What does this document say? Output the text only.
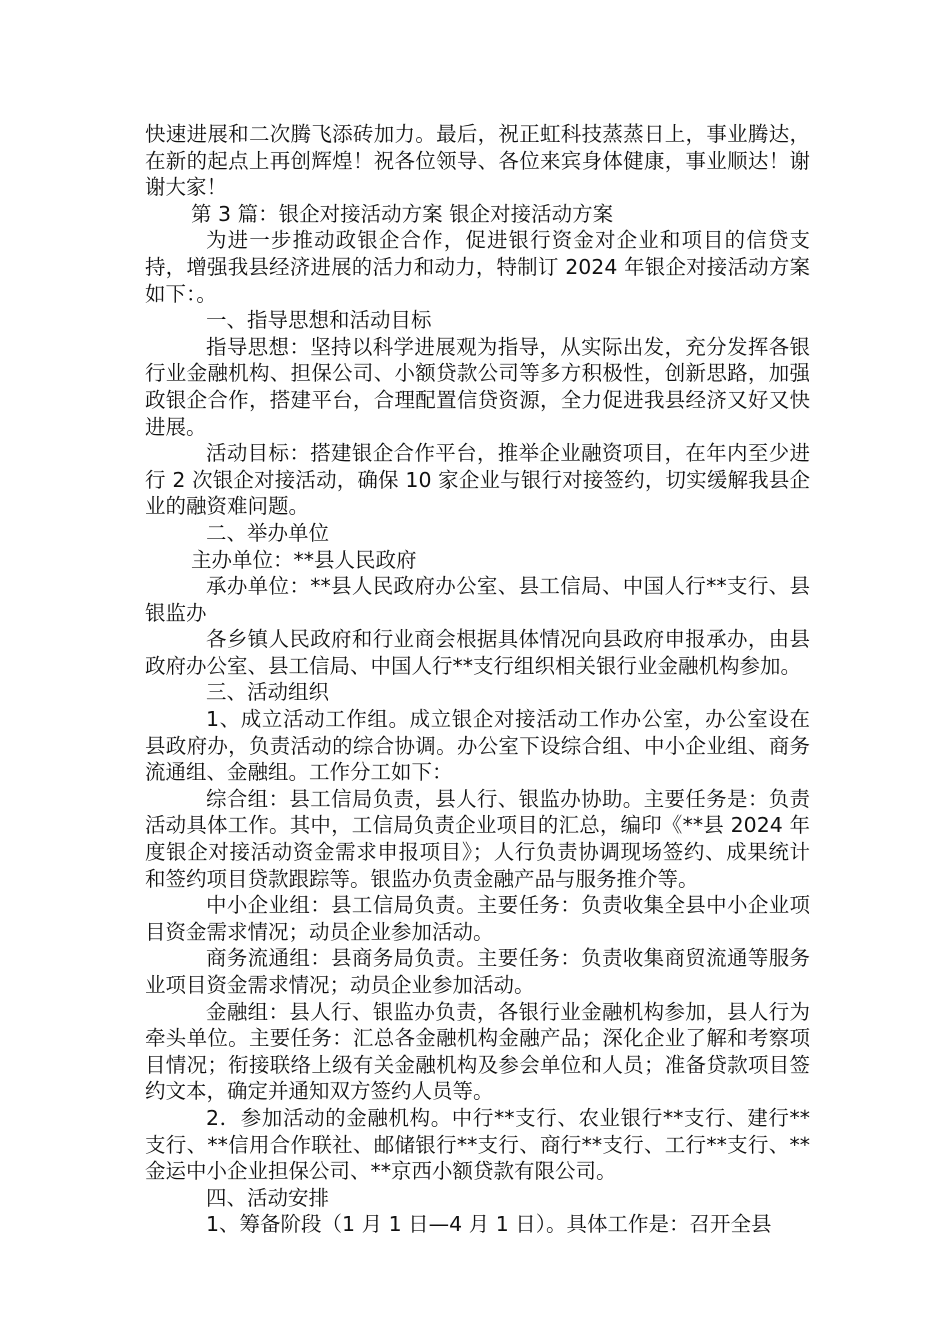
快速进展和二次腾飞添砖加力。最后，祝正虹科技蒸蒸日上，事业腾达，在新的起点上再创辉煌！祝各位领导、各位来宾身体健康，事业顺达！谢谢大家！

第 3 篇：银企对接活动方案 银企对接活动方案

为进一步推动政银企合作，促进银行资金对企业和项目的信贷支持，增强我县经济进展的活力和动力，特制订 2024 年银企对接活动方案如下：。

一、指导思想和活动目标

指导思想：坚持以科学进展观为指导，从实际出发，充分发挥各银行业金融机构、担保公司、小额贷款公司等多方积极性，创新思路，加强政银企合作，搭建平台，合理配置信贷资源，全力促进我县经济又好又快进展。

活动目标：搭建银企合作平台，推举企业融资项目，在年内至少进行 2 次银企对接活动，确保 10 家企业与银行对接签约，切实缓解我县企业的融资难问题。

二、举办单位

主办单位：**县人民政府

承办单位：**县人民政府办公室、县工信局、中国人行**支行、县银监办

各乡镇人民政府和行业商会根据具体情况向县政府申报承办，由县政府办公室、县工信局、中国人行**支行组织相关银行业金融机构参加。

三、活动组织

1、成立活动工作组。成立银企对接活动工作办公室，办公室设在县政府办，负责活动的综合协调。办公室下设综合组、中小企业组、商务流通组、金融组。工作分工如下：

综合组：县工信局负责，县人行、银监办协助。主要任务是：负责活动具体工作。其中，工信局负责企业项目的汇总，编印《**县 2024 年度银企对接活动资金需求申报项目》；人行负责协调现场签约、成果统计和签约项目贷款跟踪等。银监办负责金融产品与服务推介等。

中小企业组：县工信局负责。主要任务：负责收集全县中小企业项目资金需求情况；动员企业参加活动。

商务流通组：县商务局负责。主要任务：负责收集商贸流通等服务业项目资金需求情况；动员企业参加活动。

金融组：县人行、银监办负责，各银行业金融机构参加，县人行为牵头单位。主要任务：汇总各金融机构金融产品；深化企业了解和考察项目情况；衔接联络上级有关金融机构及参会单位和人员；准备贷款项目签约文本，确定并通知双方签约人员等。

2．参加活动的金融机构。中行**支行、农业银行**支行、建行**支行、**信用合作联社、邮储银行**支行、商行**支行、工行**支行、**金运中小企业担保公司、**京西小额贷款有限公司。

四、活动安排

1、筹备阶段（1 月 1 日—4 月 1 日）。具体工作是：召开全县
